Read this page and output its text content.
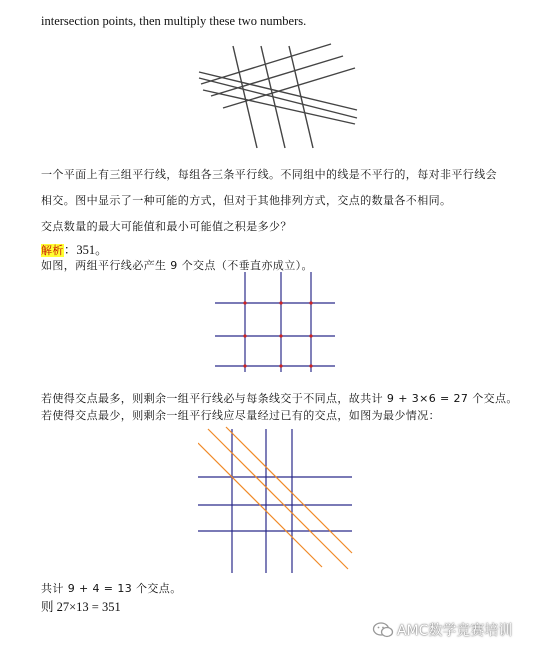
intersection points, then multiply these two numbers.
一个平面上有三组平行线，每组各三条平行线。不同组中的线是不平行的，每对非平行线会
相交。图中显示了一种可能的方式，但对于其他排列方式，交点的数量各不相同。
交点数量的最大可能值和最小可能值之积是多少？
解析：351。
如图，两组平行线必产生 9 个交点（不垂直亦成立）。
若使得交点最多，则剩余一组平行线必与每条线交于不同点，故共计 9 + 3×6 = 27 个交点。
若使得交点最少，则剩余一组平行线应尽量经过已有的交点，如图为最少情况：
共计 9 + 4 = 13 个交点。
则 27×13 = 351
AMC数学竞赛培训
